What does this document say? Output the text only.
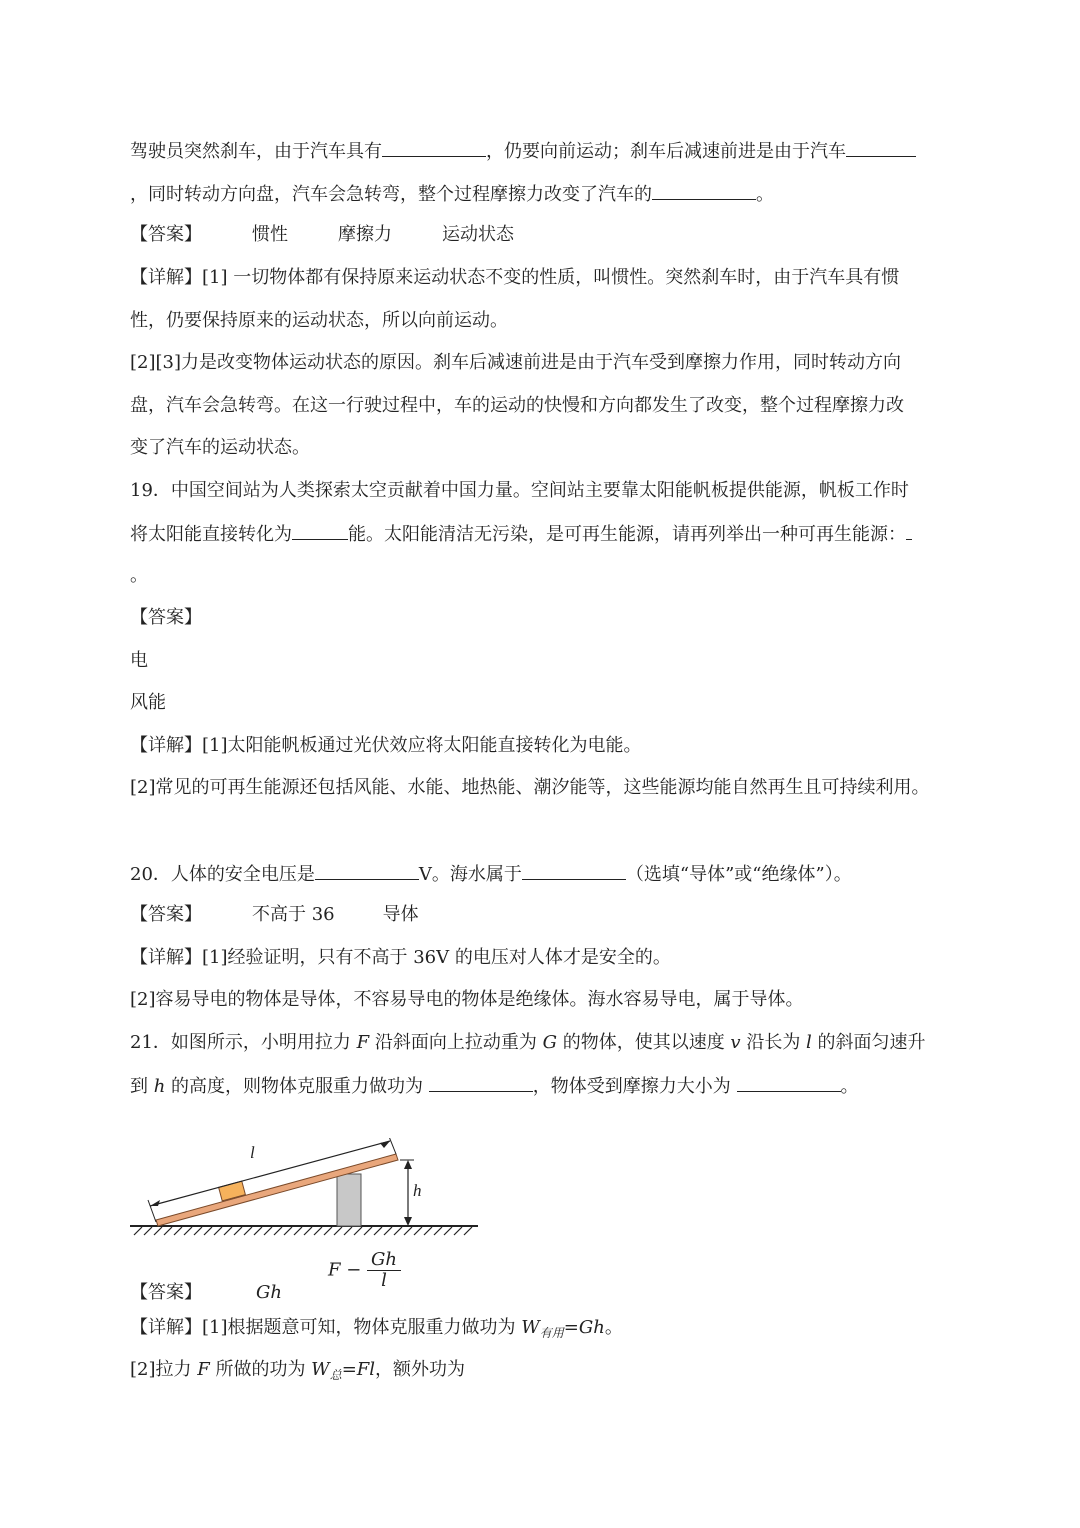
驾驶员突然刹车，由于汽车具有	，仍要向前运动；刹车后减速前进是由于汽车
，同时转动方向盘，汽车会急转弯，整个过程摩擦力改变了汽车的	。
【答案】	惯性	摩擦力	运动状态
【详解】[1] 一切物体都有保持原来运动状态不变的性质，叫惯性。突然刹车时，由于汽车具有惯
性，仍要保持原来的运动状态，所以向前运动。
[2][3]力是改变物体运动状态的原因。刹车后减速前进是由于汽车受到摩擦力作用，同时转动方向
盘，汽车会急转弯。在这一行驶过程中，车的运动的快慢和方向都发生了改变，整个过程摩擦力改
变了汽车的运动状态。
19．中国空间站为人类探索太空贡献着中国力量。空间站主要靠太阳能帆板提供能源，帆板工作时
将太阳能直接转化为	能。太阳能清洁无污染，是可再生能源，请再列举出一种可再生能源：
。
【答案】
电
风能
【详解】[1]太阳能帆板通过光伏效应将太阳能直接转化为电能。
[2]常见的可再生能源还包括风能、水能、地热能、潮汐能等，这些能源均能自然再生且可持续利用。
20．人体的安全电压是	V。海水属于	（选填“导体”或“绝缘体”）。
【答案】	不高于 36	导体
【详解】[1]经验证明，只有不高于 36V 的电压对人体才是安全的。
[2]容易导电的物体是导体，不容易导电的物体是绝缘体。海水容易导电，属于导体。
21．如图所示，小明用拉力 F 沿斜面向上拉动重为 G 的物体，使其以速度 v 沿长为 l 的斜面匀速升
到 h 的高度，则物体克服重力做功为	，物体受到摩擦力大小为	。
l
h
【答案】	Gh
$F - \frac{Gh}{l}$
【详解】[1]根据题意可知，物体克服重力做功为 $W_{有用}=Gh$。
[2]拉力 F 所做的功为 $W_总=Fl$，额外功为
